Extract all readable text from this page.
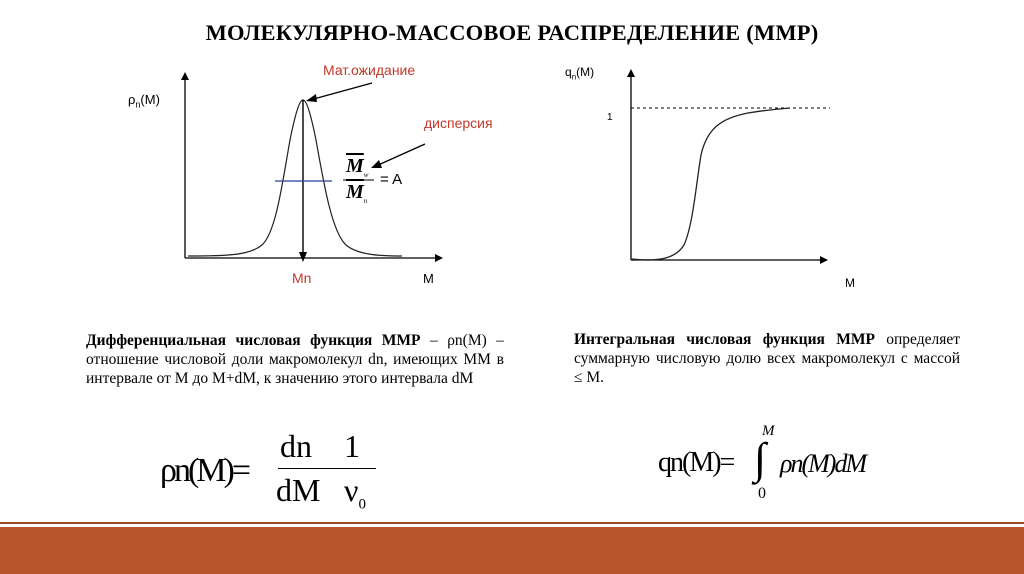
МОЛЕКУЛЯРНО-МАССОВОЕ РАСПРЕДЕЛЕНИЕ (ММР)
$\rho_n(M)$
Мат.ожидание
дисперсия
Mn	M
$\overline{M}_w$
$\overline{M}_n$
= A
$q_n(M)$
1
M
Дифференциальная числовая функция ММР – ρn(M) – отношение числовой доли макромолекул dn, имеющих ММ в интервале от M до M+dM, к значению этого интервала dM
Интегральная числовая функция ММР определяет суммарную числовую долю всех макромолекул с массой ≤ M.
ρn(M)=
dn 1
dM $\nu_0$
qn(M)=
M
∫
0
ρn(M)dM
